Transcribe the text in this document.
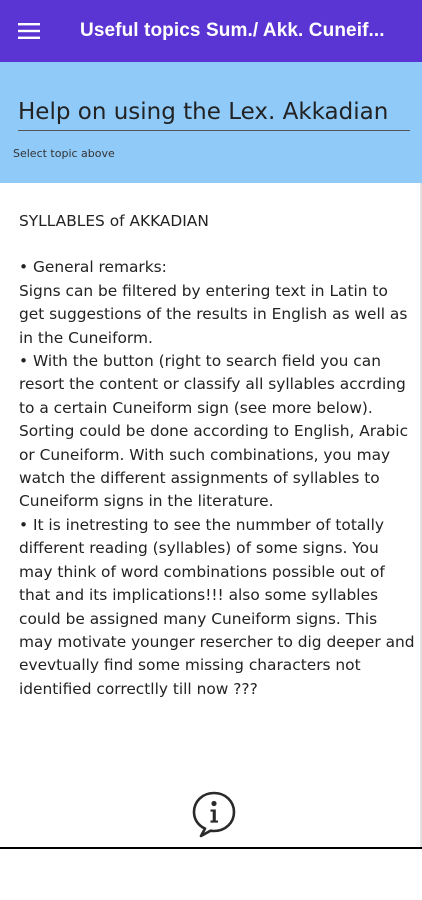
Useful topics Sum./ Akk. Cuneif...
Help on using the Lex. Akkadian
Select topic above

SYLLABLES of AKKADIAN

• General remarks:

Signs can be filtered by entering text in Latin to get suggestions of the results in English as well as in the Cuneiform.

• With the button (right to search field you can resort the content or classify all syllables accrding to a certain Cuneiform sign (see more below). Sorting could be done according to English, Arabic or Cuneiform. With such combinations, you may watch the different assignments of syllables to Cuneiform signs in the literature.

• It is inetresting to see the nummber of totally different reading (syllables) of some signs. You may think of word combinations possible out of that and its implications!!! also some syllables could be assigned many Cuneiform signs. This may motivate younger resercher to dig deeper and evevtually find some missing characters not identified correctlly till now ???
